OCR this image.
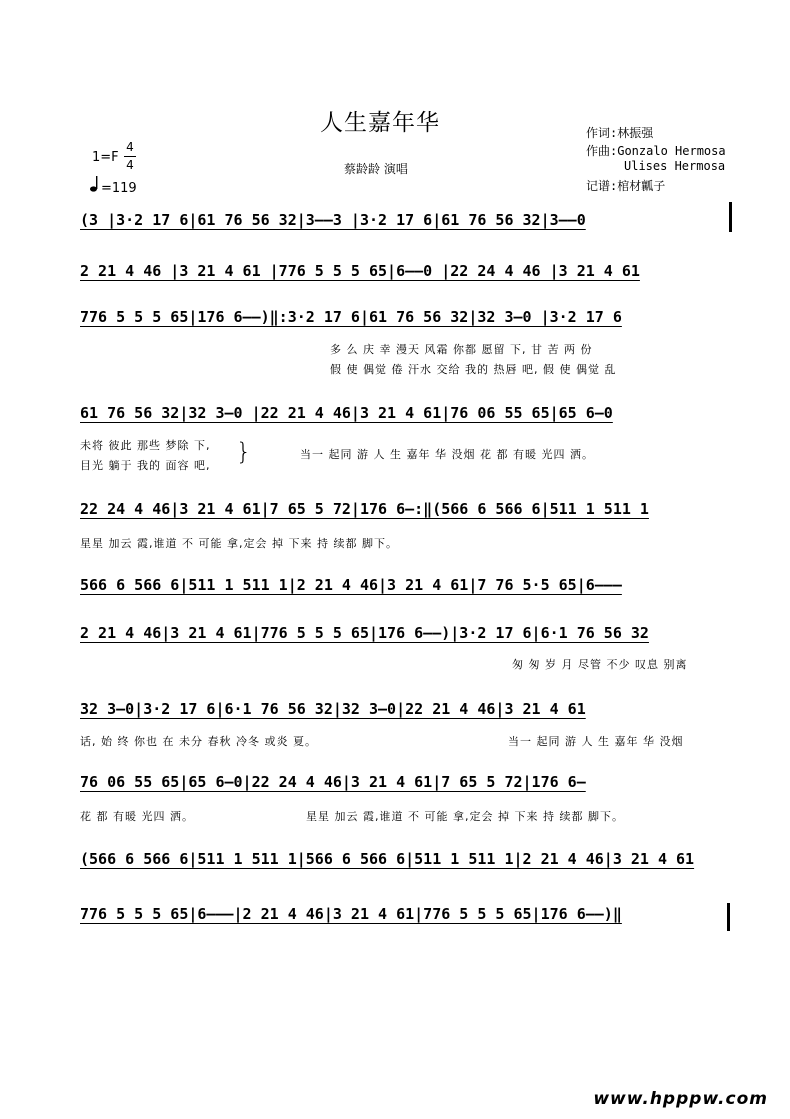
人生嘉年华	作词:林振强
作曲:Gonzalo Hermosa
Ulises Hermosa
记谱:棺材瓤子
蔡龄龄 演唱
1=F
4
4
=119
(3 |3·2 17 6|61 76 56 32|3——3 |3·2 17 6|61 76 56 32|3——0
2 21 4 46 |3 21 4 61 |776 5 5 5 65|6——0 |22 24 4 46 |3 21 4 61
776 5 5 5 65|176 6——)‖:3·2 17 6|61 76 56 32|32 3—0 |3·2 17 6
多 么 庆 幸 漫天 风霜 你都 愿留 下, 甘 苦 两 份
假 使 偶觉 倦 汗水 交给 我的 热唇 吧, 假 使 偶觉 乱
61 76 56 32|32 3—0 |22 21 4 46|3 21 4 61|76 06 55 65|65 6—0
未将 彼此 那些 梦除 下,
目光 躺于 我的 面容 吧, }	当一 起同 游 人 生 嘉年 华 没烟 花 都 有暖 光四 洒。
22 24 4 46|3 21 4 61|7 65 5 72|176 6—:‖(566 6 566 6|511 1 511 1
星星 加云 霞,谁道 不 可能 拿,定会 掉 下来 持 续都 脚下。
566 6 566 6|511 1 511 1|2 21 4 46|3 21 4 61|7 76 5·5 65|6———
2 21 4 46|3 21 4 61|776 5 5 5 65|176 6——)|3·2 17 6|6·1 76 56 32
匆 匆 岁 月 尽管 不少 叹息 别离
32 3—0|3·2 17 6|6·1 76 56 32|32 3—0|22 21 4 46|3 21 4 61
话, 始 终 你也 在 未分 春秋 冷冬 或炎 夏。	当一 起同 游 人 生 嘉年 华 没烟
76 06 55 65|65 6—0|22 24 4 46|3 21 4 61|7 65 5 72|176 6—
花 都 有暖 光四 洒。	星星 加云 霞,谁道 不 可能 拿,定会 掉 下来 持 续都 脚下。
(566 6 566 6|511 1 511 1|566 6 566 6|511 1 511 1|2 21 4 46|3 21 4 61
776 5 5 5 65|6———|2 21 4 46|3 21 4 61|776 5 5 5 65|176 6——)‖
www.hpppw.com
